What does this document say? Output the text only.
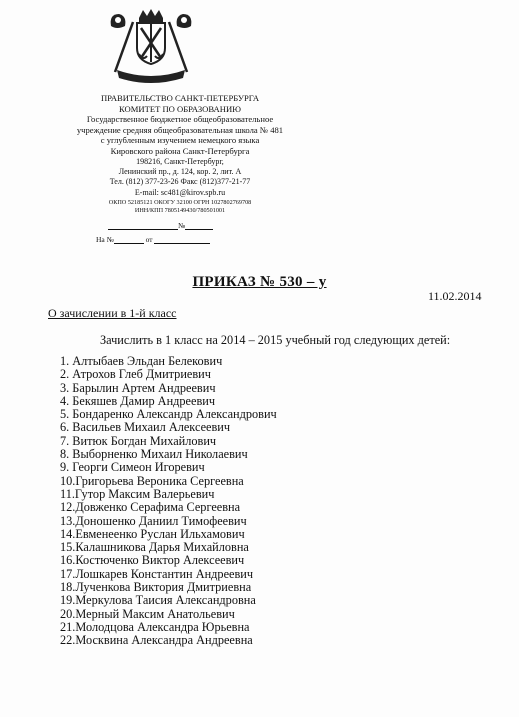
ПРАВИТЕЛЬСТВО САНКТ-ПЕТЕРБУРГА
КОМИТЕТ ПО ОБРАЗОВАНИЮ
Государственное бюджетное общеобразовательное
учреждение средняя общеобразовательная школа № 481
с углубленным изучением немецкого языка
Кировского района Санкт-Петербурга
198216, Санкт-Петербург,
Ленинский пр., д. 124, кор. 2, лит. А
Тел. (812) 377-23-26 Факс (812)377-21-77
E-mail: sc481@kirov.spb.ru
ОКПО 52185121 ОКОГУ 32100 ОГРН 1027802769708
ИНН/КПП 7805149430/780501001
№
На №	от
ПРИКАЗ № 530 – у
11.02.2014
О зачислении в 1-й класс
Зачислить в 1 класс на 2014 – 2015 учебный год следующих детей:
1. Алтыбаев Эльдан Белекович
2. Атрохов Глеб Дмитриевич
3. Барылин Артем Андреевич
4. Бекяшев Дамир Андреевич
5. Бондаренко Александр Александрович
6. Васильев Михаил Алексеевич
7. Витюк Богдан Михайлович
8. Выборненко Михаил Николаевич
9. Георги Симеон Игоревич
10.Григорьева Вероника Сергеевна
11.Гутор Максим Валерьевич
12.Довженко Серафима Сергеевна
13.Доношенко Даниил Тимофеевич
14.Евменеенко Руслан Ильхамович
15.Калашникова Дарья Михайловна
16.Костюченко Виктор Алексеевич
17.Лошкарев Константин Андреевич
18.Лученкова Виктория Дмитриевна
19.Меркулова Таисия Александровна
20.Мерный Максим Анатольевич
21.Молодцова Александра Юрьевна
22.Москвина Александра Андреевна
